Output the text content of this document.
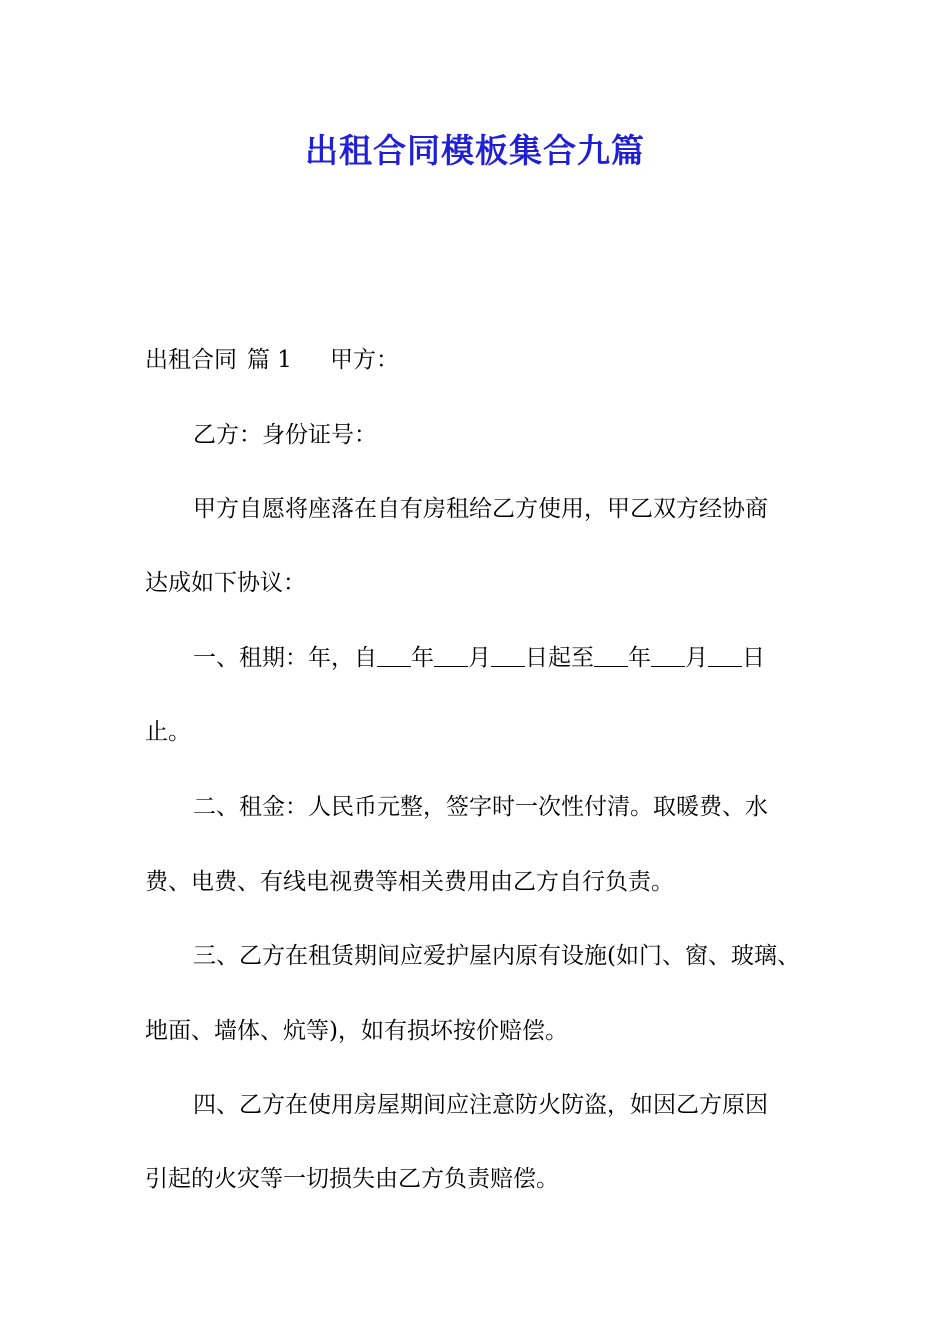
出租合同模板集合九篇
出租合同 篇 1 甲方：
乙方：身份证号：
甲方自愿将座落在自有房租给乙方使用，甲乙双方经协商
达成如下协议：
一、租期：年，自 年 月 日起至 年 月 日
止。
二、租金：人民币元整，签字时一次性付清。取暖费、水
费、电费、有线电视费等相关费用由乙方自行负责。
三、乙方在租赁期间应爱护屋内原有设施(如门、窗、玻璃、
地面、墙体、炕等)，如有损坏按价赔偿。
四、乙方在使用房屋期间应注意防火防盗，如因乙方原因
引起的火灾等一切损失由乙方负责赔偿。
